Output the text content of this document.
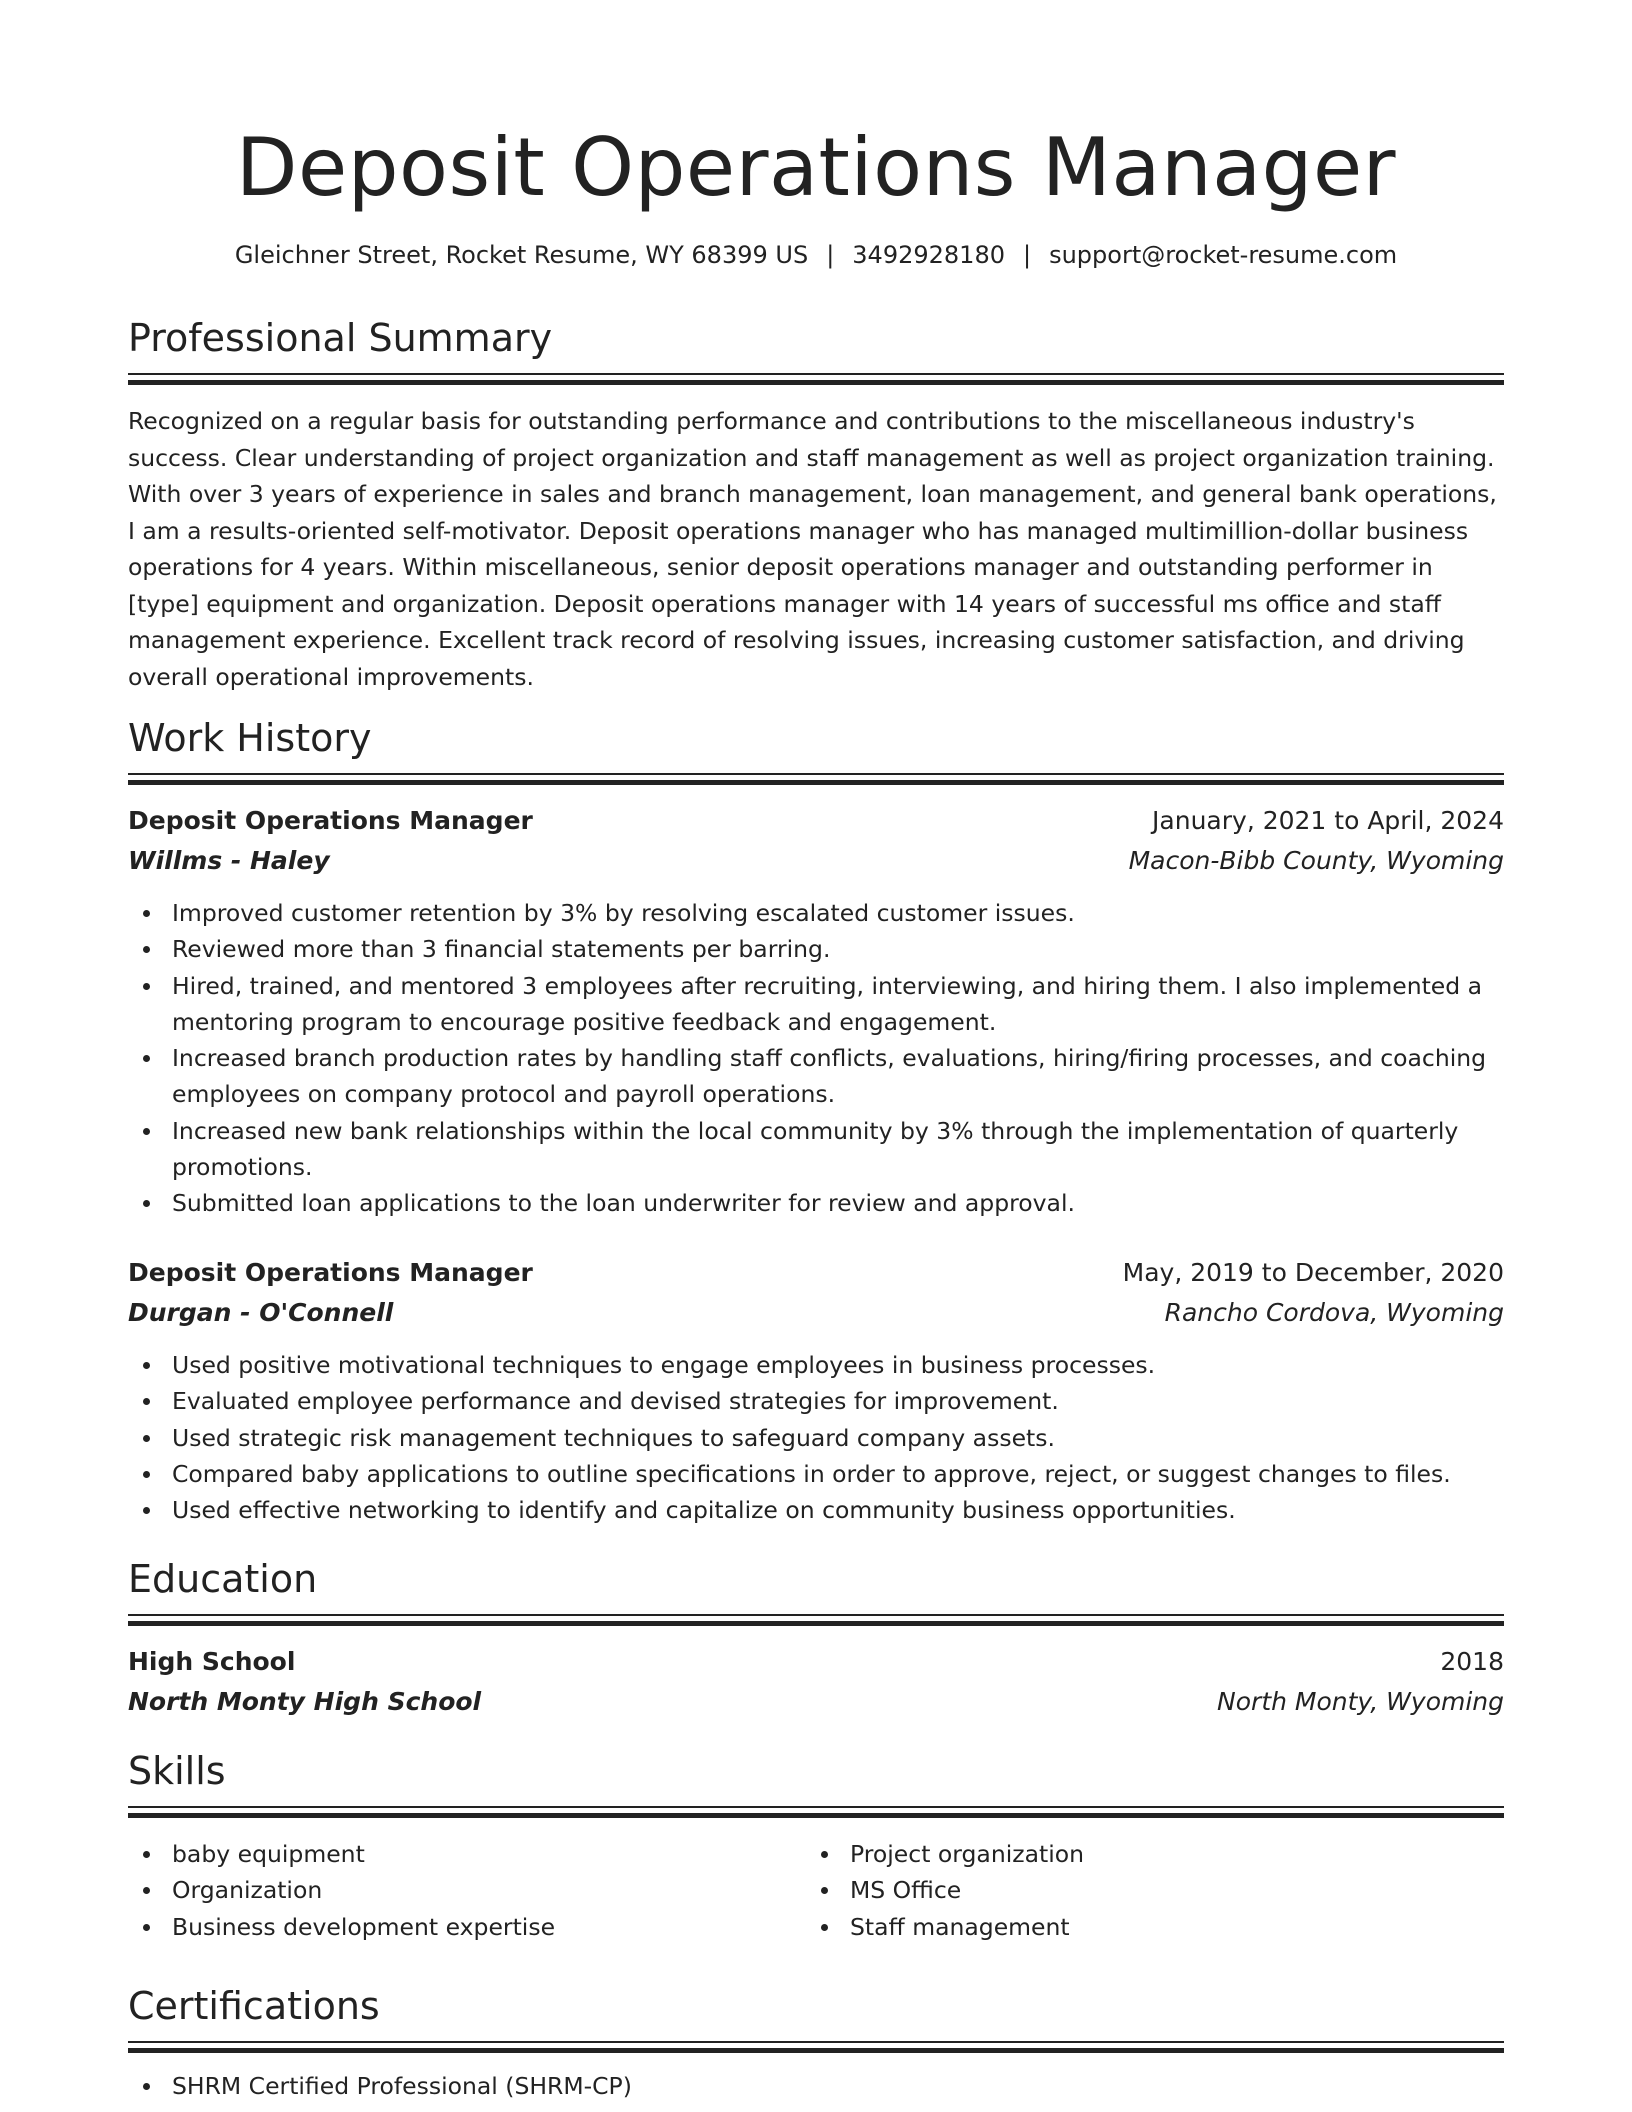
Deposit Operations Manager
Gleichner Street, Rocket Resume, WY 68399 US | 3492928180 | support@rocket-resume.com
Professional Summary

Recognized on a regular basis for outstanding performance and contributions to the miscellaneous industry's success. Clear understanding of project organization and staff management as well as project organization training. With over 3 years of experience in sales and branch management, loan management, and general bank operations, I am a results-oriented self-motivator. Deposit operations manager who has managed multimillion-dollar business operations for 4 years. Within miscellaneous, senior deposit operations manager and outstanding performer in [type] equipment and organization. Deposit operations manager with 14 years of successful ms office and staff management experience. Excellent track record of resolving issues, increasing customer satisfaction, and driving overall operational improvements.

Work History
Deposit Operations Manager	January, 2021 to April, 2024
Willms - Haley	Macon-Bibb County, Wyoming
Improved customer retention by 3% by resolving escalated customer issues.
Reviewed more than 3 financial statements per barring.
Hired, trained, and mentored 3 employees after recruiting, interviewing, and hiring them. I also implemented a mentoring program to encourage positive feedback and engagement.
Increased branch production rates by handling staff conflicts, evaluations, hiring/firing processes, and coaching employees on company protocol and payroll operations.
Increased new bank relationships within the local community by 3% through the implementation of quarterly promotions.
Submitted loan applications to the loan underwriter for review and approval.
Deposit Operations Manager	May, 2019 to December, 2020
Durgan - O'Connell	Rancho Cordova, Wyoming
Used positive motivational techniques to engage employees in business processes.
Evaluated employee performance and devised strategies for improvement.
Used strategic risk management techniques to safeguard company assets.
Compared baby applications to outline specifications in order to approve, reject, or suggest changes to files.
Used effective networking to identify and capitalize on community business opportunities.
Education
High School	2018
North Monty High School	North Monty, Wyoming
Skills
baby equipment
Organization
Business development expertise
Project organization
MS Office
Staff management
Certifications
SHRM Certified Professional (SHRM-CP)
